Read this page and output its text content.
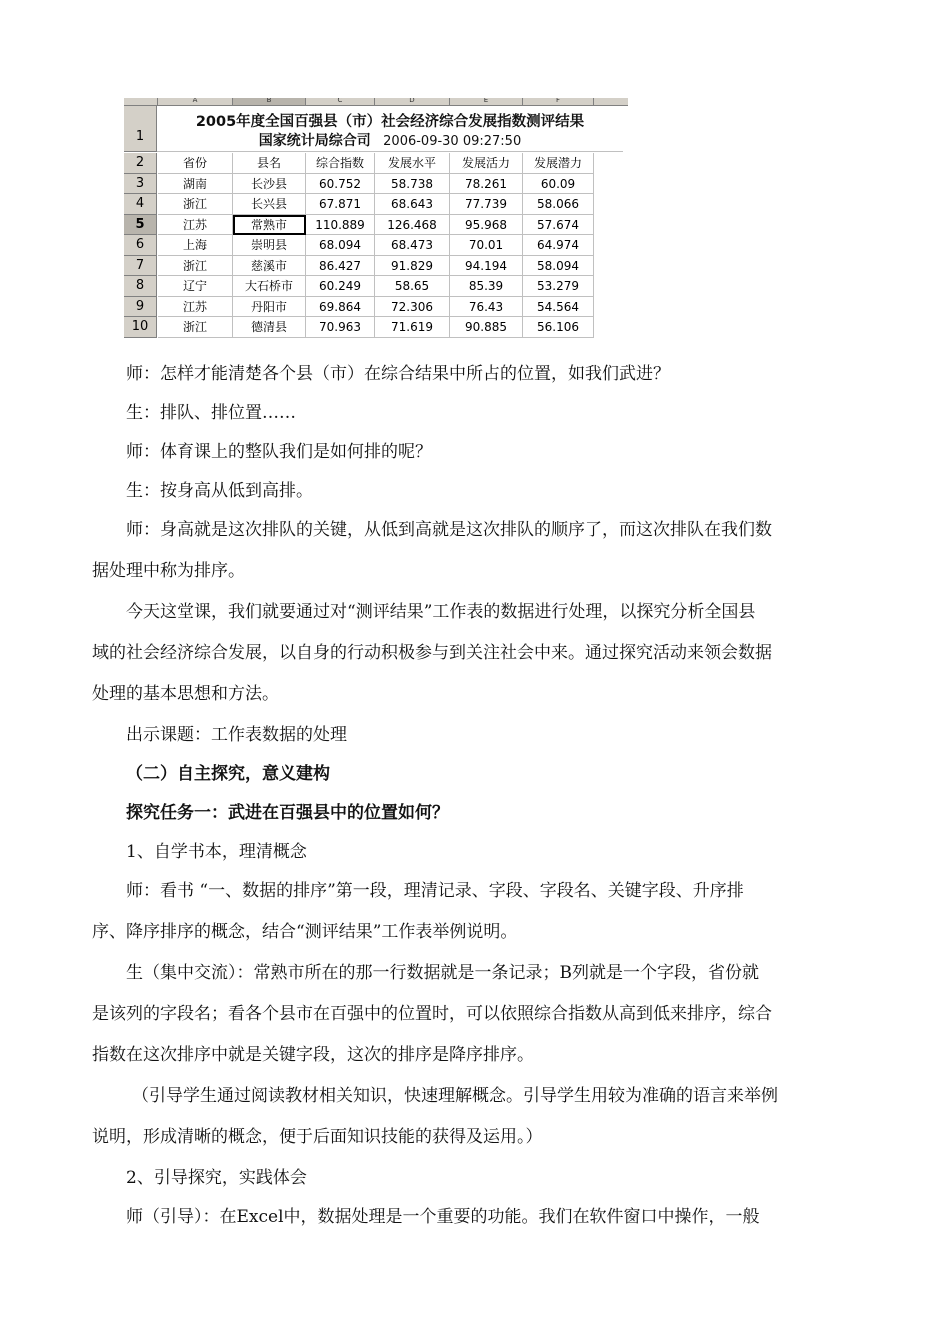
A	B	C	D	E	F
1
2005年度全国百强县（市）社会经济综合发展指数测评结果
国家统计局综合司 2006-09-30 09:27:50
2	省份	县名	综合指数	发展水平	发展活力	发展潜力
3	湖南	长沙县	60.752	58.738	78.261	60.09
4	浙江	长兴县	67.871	68.643	77.739	58.066
5	江苏	常熟市	110.889	126.468	95.968	57.674
6	上海	崇明县	68.094	68.473	70.01	64.974
7	浙江	慈溪市	86.427	91.829	94.194	58.094
8	辽宁	大石桥市	60.249	58.65	85.39	53.279
9	江苏	丹阳市	69.864	72.306	76.43	54.564
10	浙江	德清县	70.963	71.619	90.885	56.106
师：怎样才能清楚各个县（市）在综合结果中所占的位置，如我们武进？
生：排队、排位置……
师：体育课上的整队我们是如何排的呢？
生：按身高从低到高排。
师：身高就是这次排队的关键，从低到高就是这次排队的顺序了，而这次排队在我们数
据处理中称为排序。
今天这堂课，我们就要通过对“测评结果”工作表的数据进行处理，以探究分析全国县
域的社会经济综合发展，以自身的行动积极参与到关注社会中来。通过探究活动来领会数据
处理的基本思想和方法。
出示课题：工作表数据的处理
（二）自主探究，意义建构
探究任务一：武进在百强县中的位置如何？
1、自学书本，理清概念
师：看书 “一、数据的排序”第一段，理清记录、字段、字段名、关键字段、升序排
序、降序排序的概念，结合“测评结果”工作表举例说明。
生（集中交流）：常熟市所在的那一行数据就是一条记录；B列就是一个字段，省份就
是该列的字段名；看各个县市在百强中的位置时，可以依照综合指数从高到低来排序，综合
指数在这次排序中就是关键字段，这次的排序是降序排序。
（引导学生通过阅读教材相关知识，快速理解概念。引导学生用较为准确的语言来举例
说明，形成清晰的概念，便于后面知识技能的获得及运用。）
2、引导探究，实践体会
师（引导）：在Excel中，数据处理是一个重要的功能。我们在软件窗口中操作，一般
